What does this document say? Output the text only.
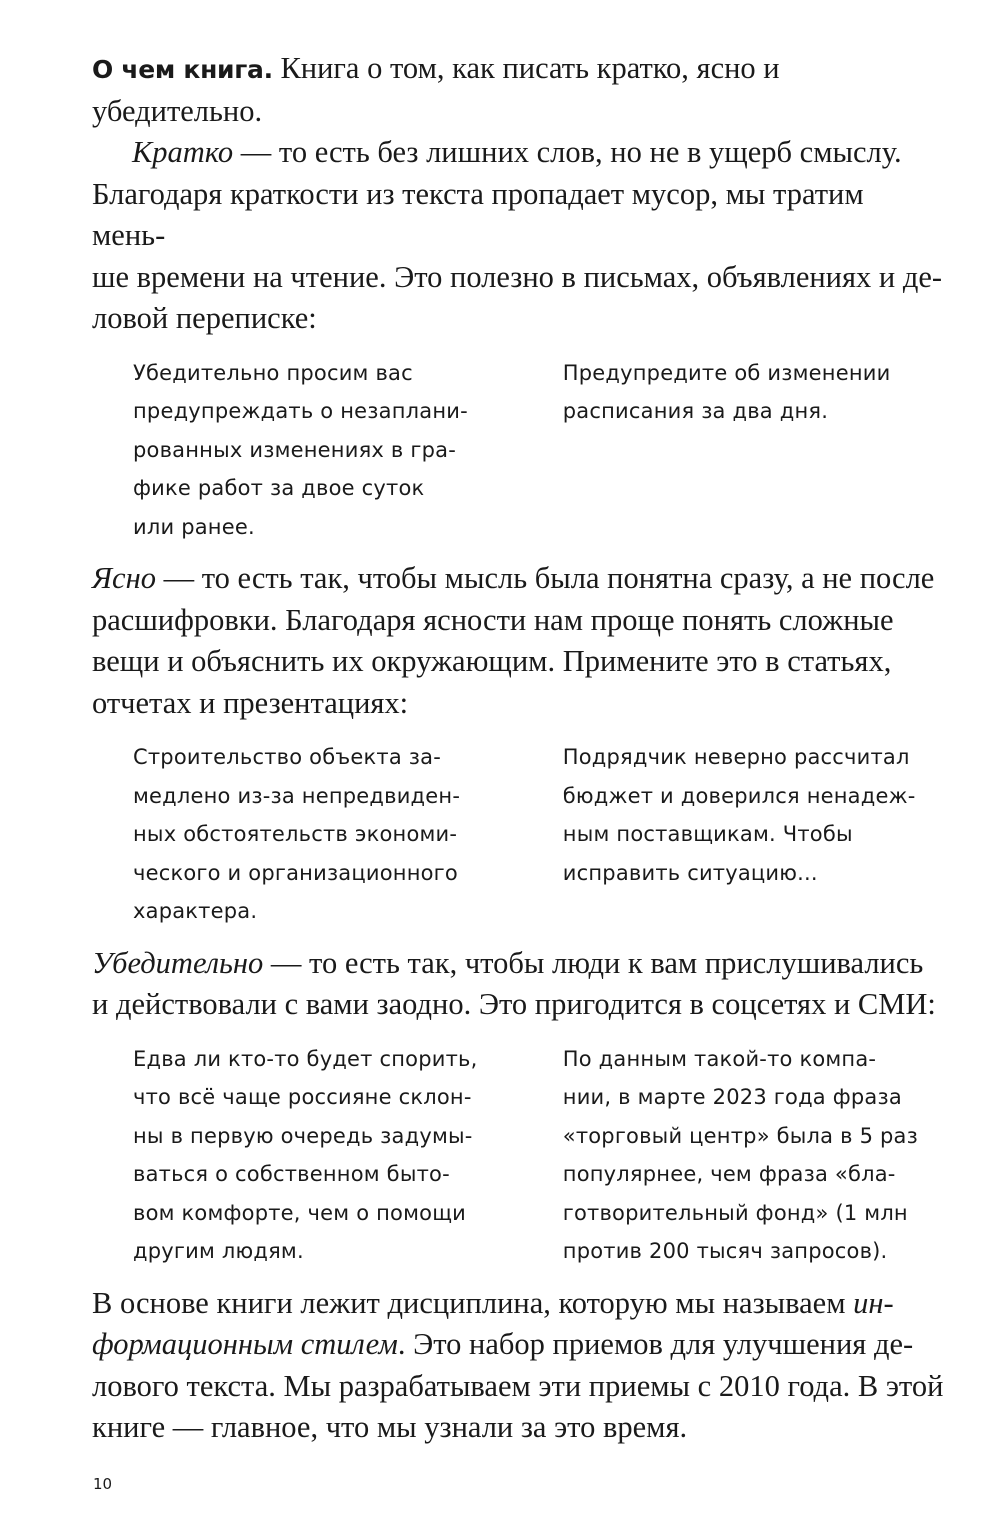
О чем книга. Книга о том, как писать кратко, ясно и убедительно.
Кратко — то есть без лишних слов, но не в ущерб смыслу.
Благодаря краткости из текста пропадает мусор, мы тратим мень-
ше времени на чтение. Это полезно в письмах, объявлениях и де-
ловой переписке:

Убедительно просим вас
предупреждать о незаплани-
рованных изменениях в гра-
фике работ за двое суток
или ранее.
Предупредите об изменении
расписания за два дня.

Ясно — то есть так, чтобы мысль была понятна сразу, а не после
расшифровки. Благодаря ясности нам проще понять сложные
вещи и объяснить их окружающим. Примените это в статьях,
отчетах и презентациях:

Строительство объекта за-
медлено из-за непредвиден-
ных обстоятельств экономи-
ческого и организационного
характера.
Подрядчик неверно рассчитал
бюджет и доверился ненадеж-
ным поставщикам. Чтобы
исправить ситуацию...

Убедительно — то есть так, чтобы люди к вам прислушивались
и действовали с вами заодно. Это пригодится в соцсетях и СМИ:

Едва ли кто-то будет спорить,
что всё чаще россияне склон-
ны в первую очередь задумы-
ваться о собственном быто-
вом комфорте, чем о помощи
другим людям.
По данным такой-то компа-
нии, в марте 2023 года фраза
«торговый центр» была в 5 раз
популярнее, чем фраза «бла-
готворительный фонд» (1 млн
против 200 тысяч запросов).

В основе книги лежит дисциплина, которую мы называем ин-
формационным стилем. Это набор приемов для улучшения де-
лового текста. Мы разрабатываем эти приемы с 2010 года. В этой
книге — главное, что мы узнали за это время.

10
